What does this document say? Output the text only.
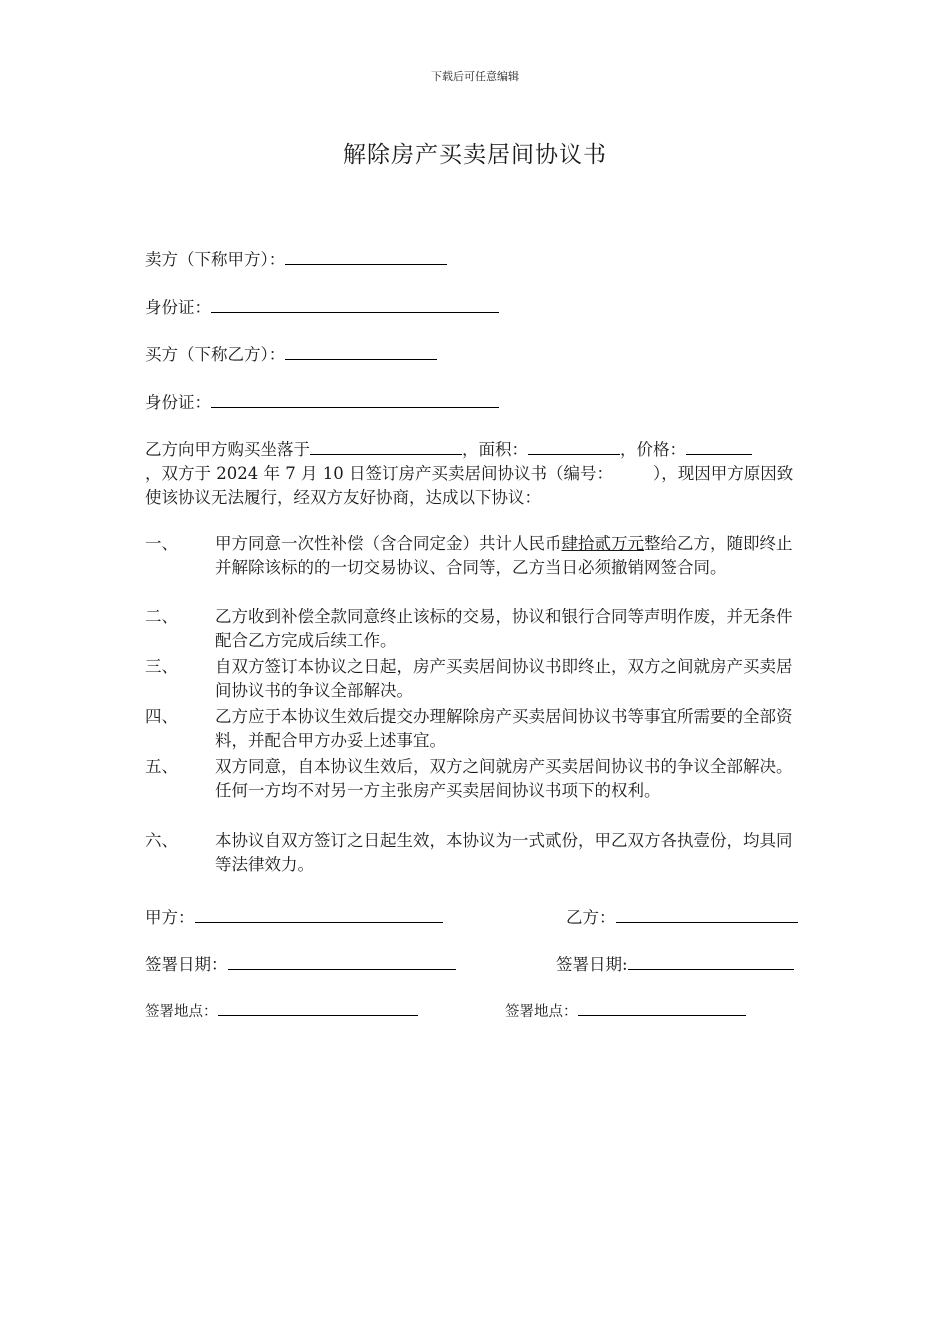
下载后可任意编辑
解除房产买卖居间协议书
卖方（下称甲方）：
身份证：
买方（下称乙方）：
身份证：
乙方向甲方购买坐落于	，面积：	，价格：
，双方于 2024 年 7 月 10 日签订房产买卖居间协议书（编号： ），现因甲方原因致使该协议无法履行，经双方友好协商，达成以下协议：
一、	甲方同意一次性补偿（含合同定金）共计人民币肆拾贰万元整给乙方，随即终止并解除该标的的一切交易协议、合同等，乙方当日必须撤销网签合同。
二、	乙方收到补偿全款同意终止该标的交易，协议和银行合同等声明作废，并无条件配合乙方完成后续工作。
三、	自双方签订本协议之日起，房产买卖居间协议书即终止，双方之间就房产买卖居间协议书的争议全部解决。
四、	乙方应于本协议生效后提交办理解除房产买卖居间协议书等事宜所需要的全部资料，并配合甲方办妥上述事宜。
五、	双方同意，自本协议生效后，双方之间就房产买卖居间协议书的争议全部解决。任何一方均不对另一方主张房产买卖居间协议书项下的权利。
六、	本协议自双方签订之日起生效，本协议为一式贰份，甲乙双方各执壹份，均具同等法律效力。
甲方：	乙方：
签署日期：	签署日期:
签署地点：	签署地点：
